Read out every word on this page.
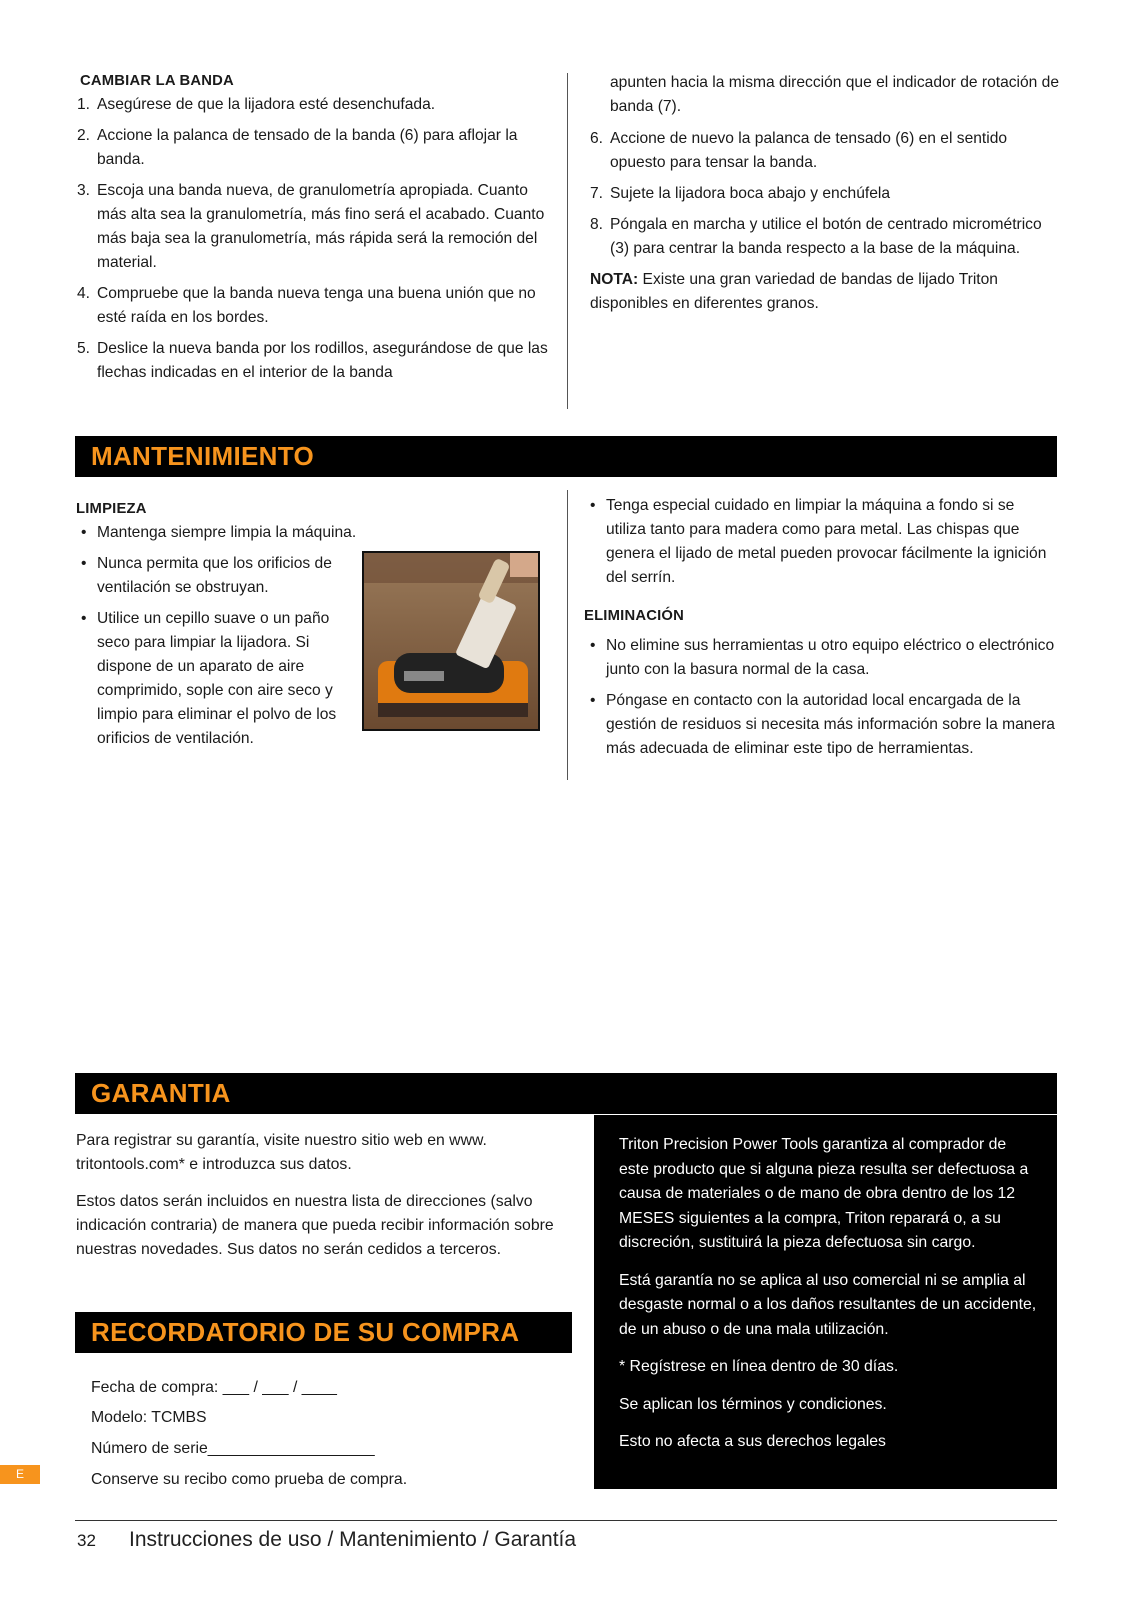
CAMBIAR LA BANDA

1. Asegúrese de que la lijadora esté desenchufada.
2. Accione la palanca de tensado de la banda (6) para aflojar la banda.
3. Escoja una banda nueva, de granulometría apropiada. Cuanto más alta sea la granulometría, más fino será el acabado. Cuanto más baja sea la granulometría, más rápida será la remoción del material.
4. Compruebe que la banda nueva tenga una buena unión que no esté raída en los bordes.
5. Deslice la nueva banda por los rodillos, asegurándose de que las flechas indicadas en el interior de la banda

apunten hacia la misma dirección que el indicador de rotación de banda (7).

6. Accione de nuevo la palanca de tensado (6) en el sentido opuesto para tensar la banda.
7. Sujete la lijadora boca abajo y enchúfela
8. Póngala en marcha y utilice el botón de centrado micrométrico (3) para centrar la banda respecto a la base de la máquina.

NOTA: Existe una gran variedad de bandas de lijado Triton disponibles en diferentes granos.

MANTENIMIENTO

LIMPIEZA

• Mantenga siempre limpia la máquina.
• Nunca permita que los orificios de ventilación se obstruyan.
• Utilice un cepillo suave o un paño seco para limpiar la lijadora. Si dispone de un aparato de aire comprimido, sople con aire seco y limpio para eliminar el polvo de los orificios de ventilación.
• Tenga especial cuidado en limpiar la máquina a fondo si se utiliza tanto para madera como para metal. Las chispas que genera el lijado de metal pueden provocar fácilmente la ignición del serrín.

ELIMINACIÓN

• No elimine sus herramientas u otro equipo eléctrico o electrónico junto con la basura normal de la casa.
• Póngase en contacto con la autoridad local encargada de la gestión de residuos si necesita más información sobre la manera más adecuada de eliminar este tipo de herramientas.
GARANTIA

Para registrar su garantía, visite nuestro sitio web en www. tritontools.com* e introduzca sus datos.

Estos datos serán incluidos en nuestra lista de direcciones (salvo indicación contraria) de manera que pueda recibir información sobre nuestras novedades. Sus datos no serán cedidos a terceros.

Triton Precision Power Tools garantiza al comprador de este producto que si alguna pieza resulta ser defectuosa a causa de materiales o de mano de obra dentro de los 12 MESES siguientes a la compra, Triton reparará o, a su discreción, sustituirá la pieza defectuosa sin cargo.

Está garantía no se aplica al uso comercial ni se amplia al desgaste normal o a los daños resultantes de un accidente, de un abuso o de una mala utilización.

* Regístrese en línea dentro de 30 días.

Se aplican los términos y condiciones.

Esto no afecta a sus derechos legales

RECORDATORIO DE SU COMPRA
Fecha de compra: ___ / ___ / ____
Modelo: TCMBS
Número de serie___________________
Conserve su recibo como prueba de compra.
E
32 Instrucciones de uso / Mantenimiento / Garantía
